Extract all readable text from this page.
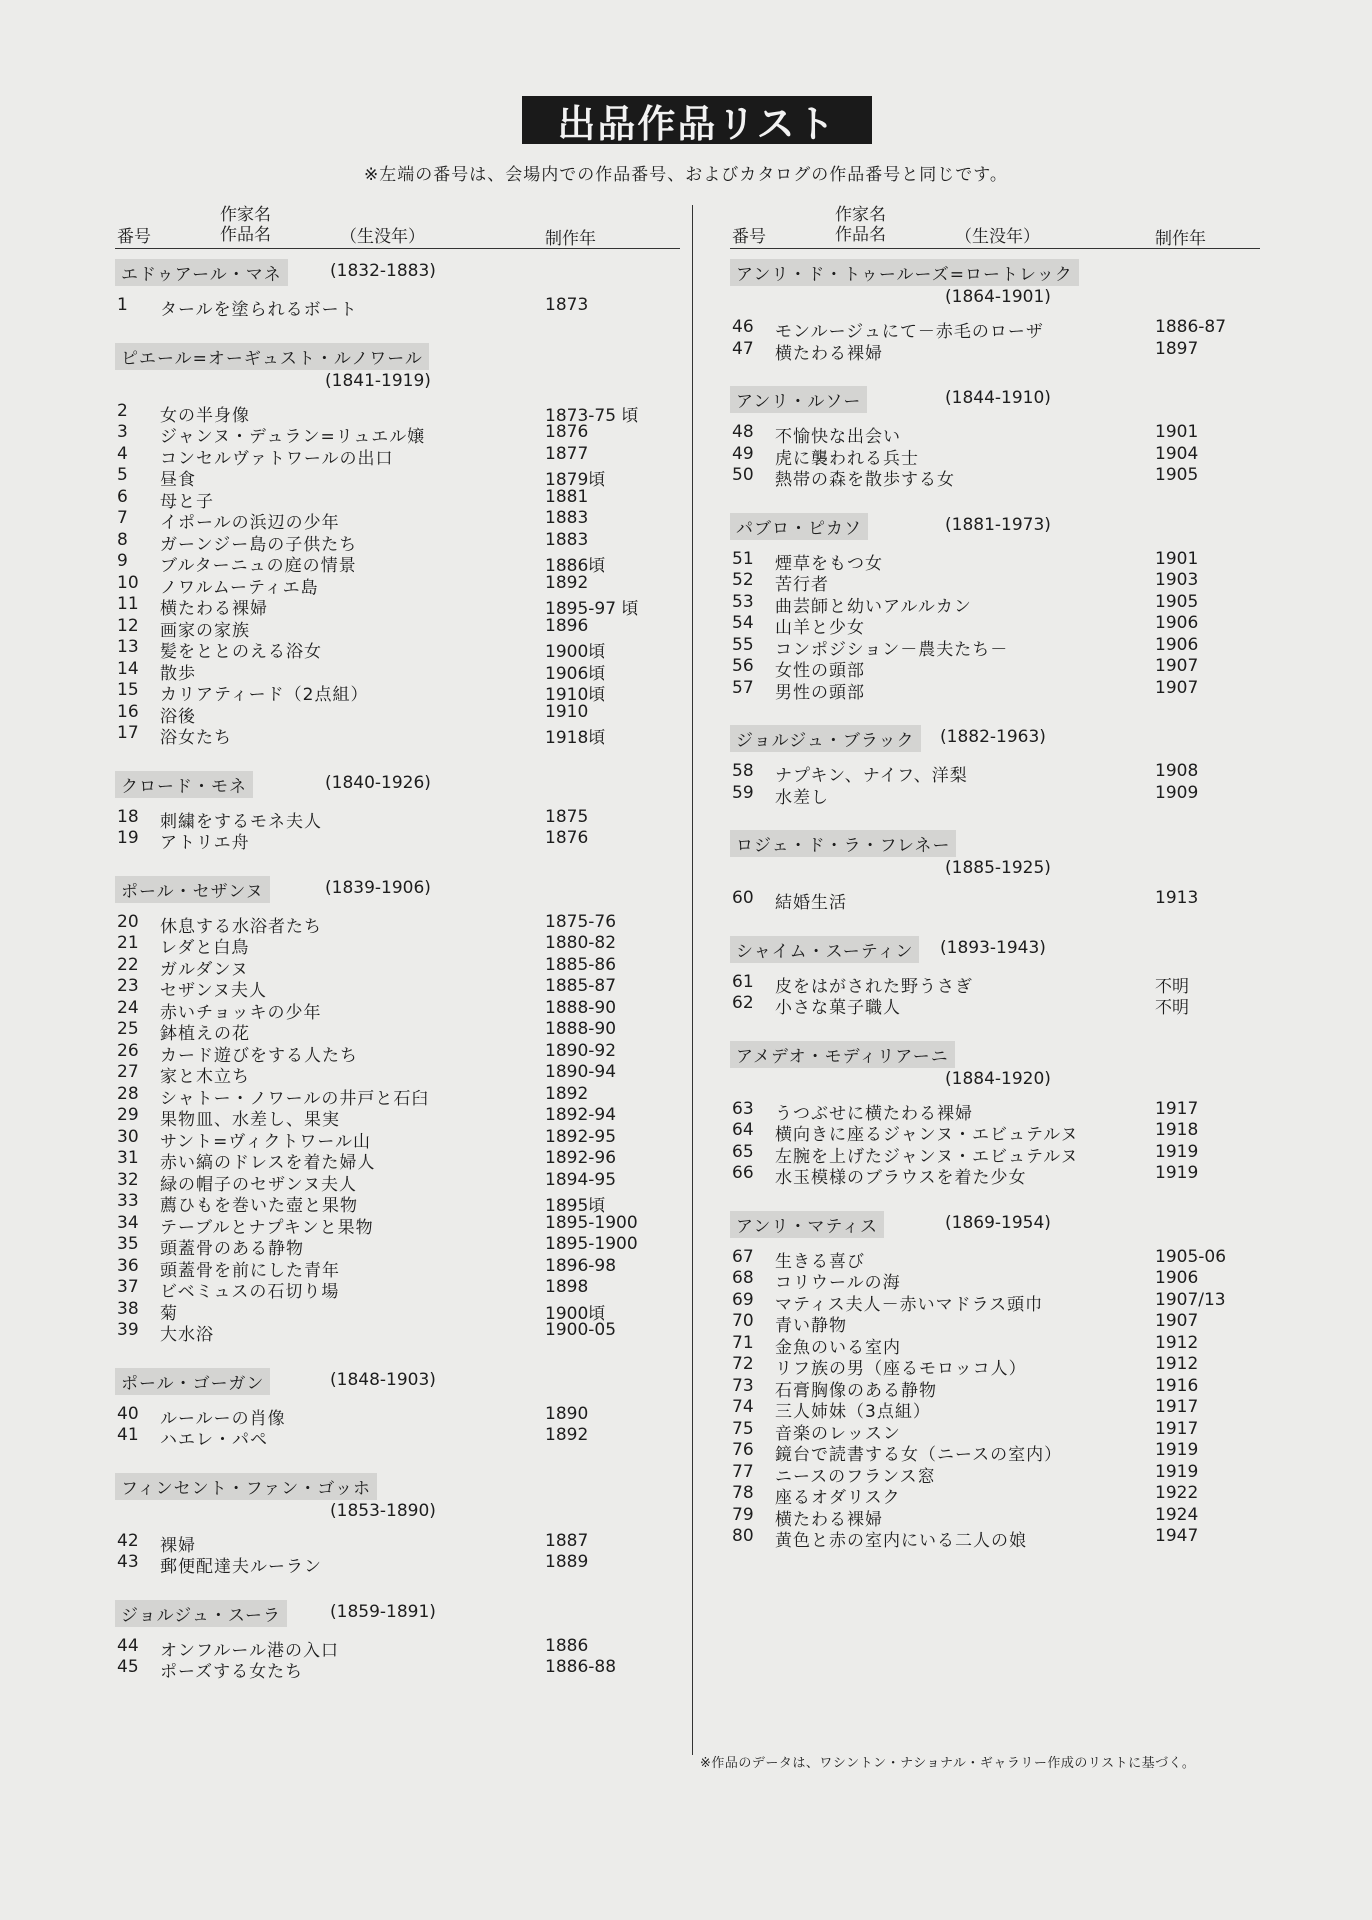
出品作品リスト
※左端の番号は、会場内での作品番号、およびカタログの作品番号と同じです。
作家名
番号	作品名	（生没年）	制作年
エドゥアール・マネ	(1832-1883)
1	タールを塗られるボート	1873
ピエール=オーギュスト・ルノワール
(1841-1919)
2	女の半身像	1873-75 頃
3	ジャンヌ・デュラン=リュエル嬢	1876
4	コンセルヴァトワールの出口	1877
5	昼食	1879頃
6	母と子	1881
7	イポールの浜辺の少年	1883
8	ガーンジー島の子供たち	1883
9	ブルターニュの庭の情景	1886頃
10	ノワルムーティエ島	1892
11	横たわる裸婦	1895-97 頃
12	画家の家族	1896
13	髪をととのえる浴女	1900頃
14	散歩	1906頃
15	カリアティード（2点組）	1910頃
16	浴後	1910
17	浴女たち	1918頃
クロード・モネ	(1840-1926)
18	刺繍をするモネ夫人	1875
19	アトリエ舟	1876
ポール・セザンヌ	(1839-1906)
20	休息する水浴者たち	1875-76
21	レダと白鳥	1880-82
22	ガルダンヌ	1885-86
23	セザンヌ夫人	1885-87
24	赤いチョッキの少年	1888-90
25	鉢植えの花	1888-90
26	カード遊びをする人たち	1890-92
27	家と木立ち	1890-94
28	シャトー・ノワールの井戸と石臼	1892
29	果物皿、水差し、果実	1892-94
30	サント=ヴィクトワール山	1892-95
31	赤い縞のドレスを着た婦人	1892-96
32	緑の帽子のセザンヌ夫人	1894-95
33	薦ひもを巻いた壺と果物	1895頃
34	テーブルとナプキンと果物	1895-1900
35	頭蓋骨のある静物	1895-1900
36	頭蓋骨を前にした青年	1896-98
37	ビベミュスの石切り場	1898
38	菊	1900頃
39	大水浴	1900-05
ポール・ゴーガン	(1848-1903)
40	ルールーの肖像	1890
41	ハエレ・パペ	1892
フィンセント・ファン・ゴッホ
(1853-1890)
42	裸婦	1887
43	郵便配達夫ルーラン	1889
ジョルジュ・スーラ	(1859-1891)
44	オンフルール港の入口	1886
45	ポーズする女たち	1886-88
作家名
番号	作品名	（生没年）	制作年
アンリ・ド・トゥールーズ=ロートレック
(1864-1901)
46	モンルージュにて－赤毛のローザ	1886-87
47	横たわる裸婦	1897
アンリ・ルソー	(1844-1910)
48	不愉快な出会い	1901
49	虎に襲われる兵士	1904
50	熱帯の森を散歩する女	1905
パブロ・ピカソ	(1881-1973)
51	煙草をもつ女	1901
52	苦行者	1903
53	曲芸師と幼いアルルカン	1905
54	山羊と少女	1906
55	コンポジション－農夫たち－	1906
56	女性の頭部	1907
57	男性の頭部	1907
ジョルジュ・ブラック (1882-1963)
58	ナプキン、ナイフ、洋梨	1908
59	水差し	1909
ロジェ・ド・ラ・フレネー
(1885-1925)
60	結婚生活	1913
シャイム・スーティン (1893-1943)
61	皮をはがされた野うさぎ	不明
62	小さな菓子職人	不明
アメデオ・モディリアーニ
(1884-1920)
63	うつぶせに横たわる裸婦	1917
64	横向きに座るジャンヌ・エビュテルヌ	1918
65	左腕を上げたジャンヌ・エビュテルヌ	1919
66	水玉模様のブラウスを着た少女	1919
アンリ・マティス	(1869-1954)
67	生きる喜び	1905-06
68	コリウールの海	1906
69	マティス夫人－赤いマドラス頭巾	1907/13
70	青い静物	1907
71	金魚のいる室内	1912
72	リフ族の男（座るモロッコ人）	1912
73	石膏胸像のある静物	1916
74	三人姉妹（3点組）	1917
75	音楽のレッスン	1917
76	鏡台で読書する女（ニースの室内）	1919
77	ニースのフランス窓	1919
78	座るオダリスク	1922
79	横たわる裸婦	1924
80	黄色と赤の室内にいる二人の娘	1947
※作品のデータは、ワシントン・ナショナル・ギャラリー作成のリストに基づく。
